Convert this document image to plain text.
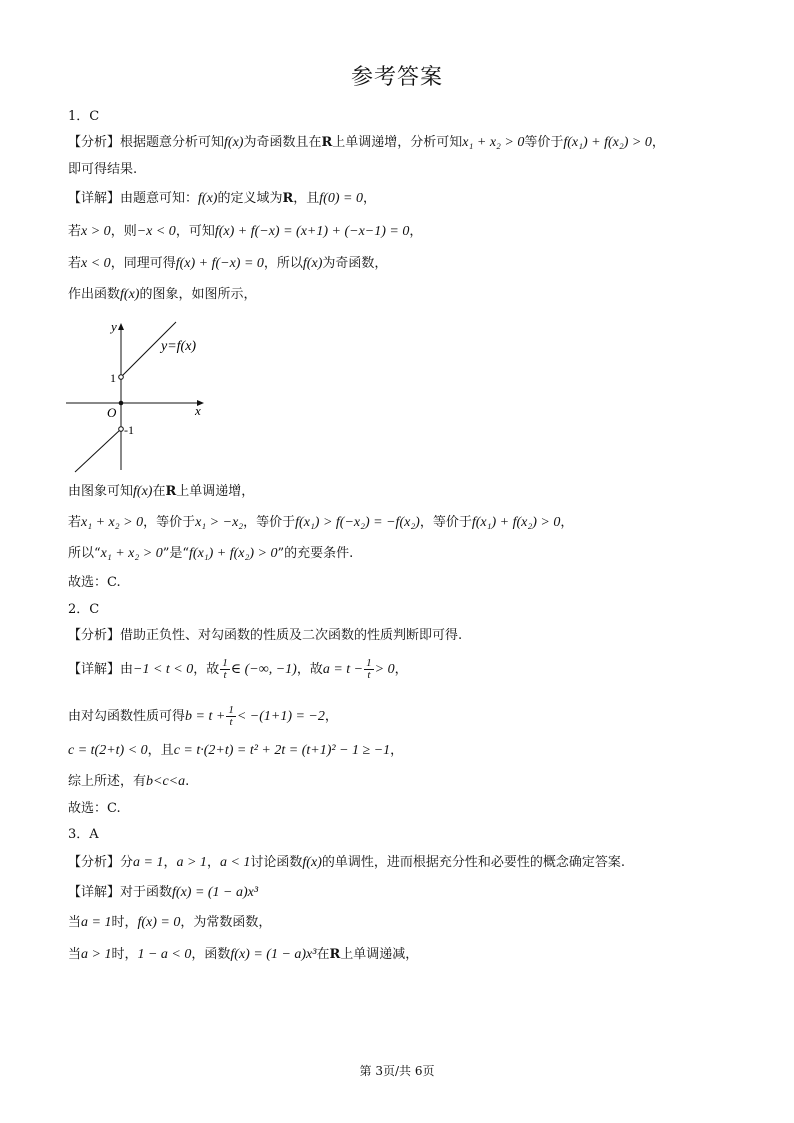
参考答案
1．C
【分析】根据题意分析可知f(x)为奇函数且在R上单调递增，分析可知x₁ + x₂ > 0等价于f(x₁) + f(x₂) > 0，
即可得结果.
【详解】由题意可知：f(x)的定义域为R，且f(0) = 0，
若x > 0，则−x < 0，可知f(x) + f(−x) = (x+1) + (−x−1) = 0，
若x < 0，同理可得f(x) + f(−x) = 0，所以f(x)为奇函数，
作出函数f(x)的图象，如图所示，
y
x
O
1
-1
y=f(x)
由图象可知f(x)在R上单调递增，
若x₁ + x₂ > 0，等价于x₁ > −x₂，等价于f(x₁) > f(−x₂) = −f(x₂)，等价于f(x₁) + f(x₂) > 0，
所以“x₁ + x₂ > 0”是“f(x₁) + f(x₂) > 0”的充要条件.
故选：C.
2．C
【分析】借助正负性、对勾函数的性质及二次函数的性质判断即可得.
【详解】由−1 < t < 0，故 $\frac{1}{t}$ ∈ (−∞, −1)，故$a = t - \frac{1}{t} > 0$，
由对勾函数性质可得$b = t + \frac{1}{t} < -(1+1) = -2$，
c = t(2+t) < 0，且c = t·(2+t) = t² + 2t = (t+1)² − 1 ≥ −1，
综上所述，有b<c<a.
故选：C.
3．A
【分析】分a = 1，a > 1，a < 1讨论函数f(x)的单调性，进而根据充分性和必要性的概念确定答案.
【详解】对于函数f(x) = (1 − a)x³
当a = 1时，f(x) = 0，为常数函数，
当a > 1时，1 − a < 0，函数f(x) = (1 − a)x³在R上单调递减，
第 3页/共 6页
